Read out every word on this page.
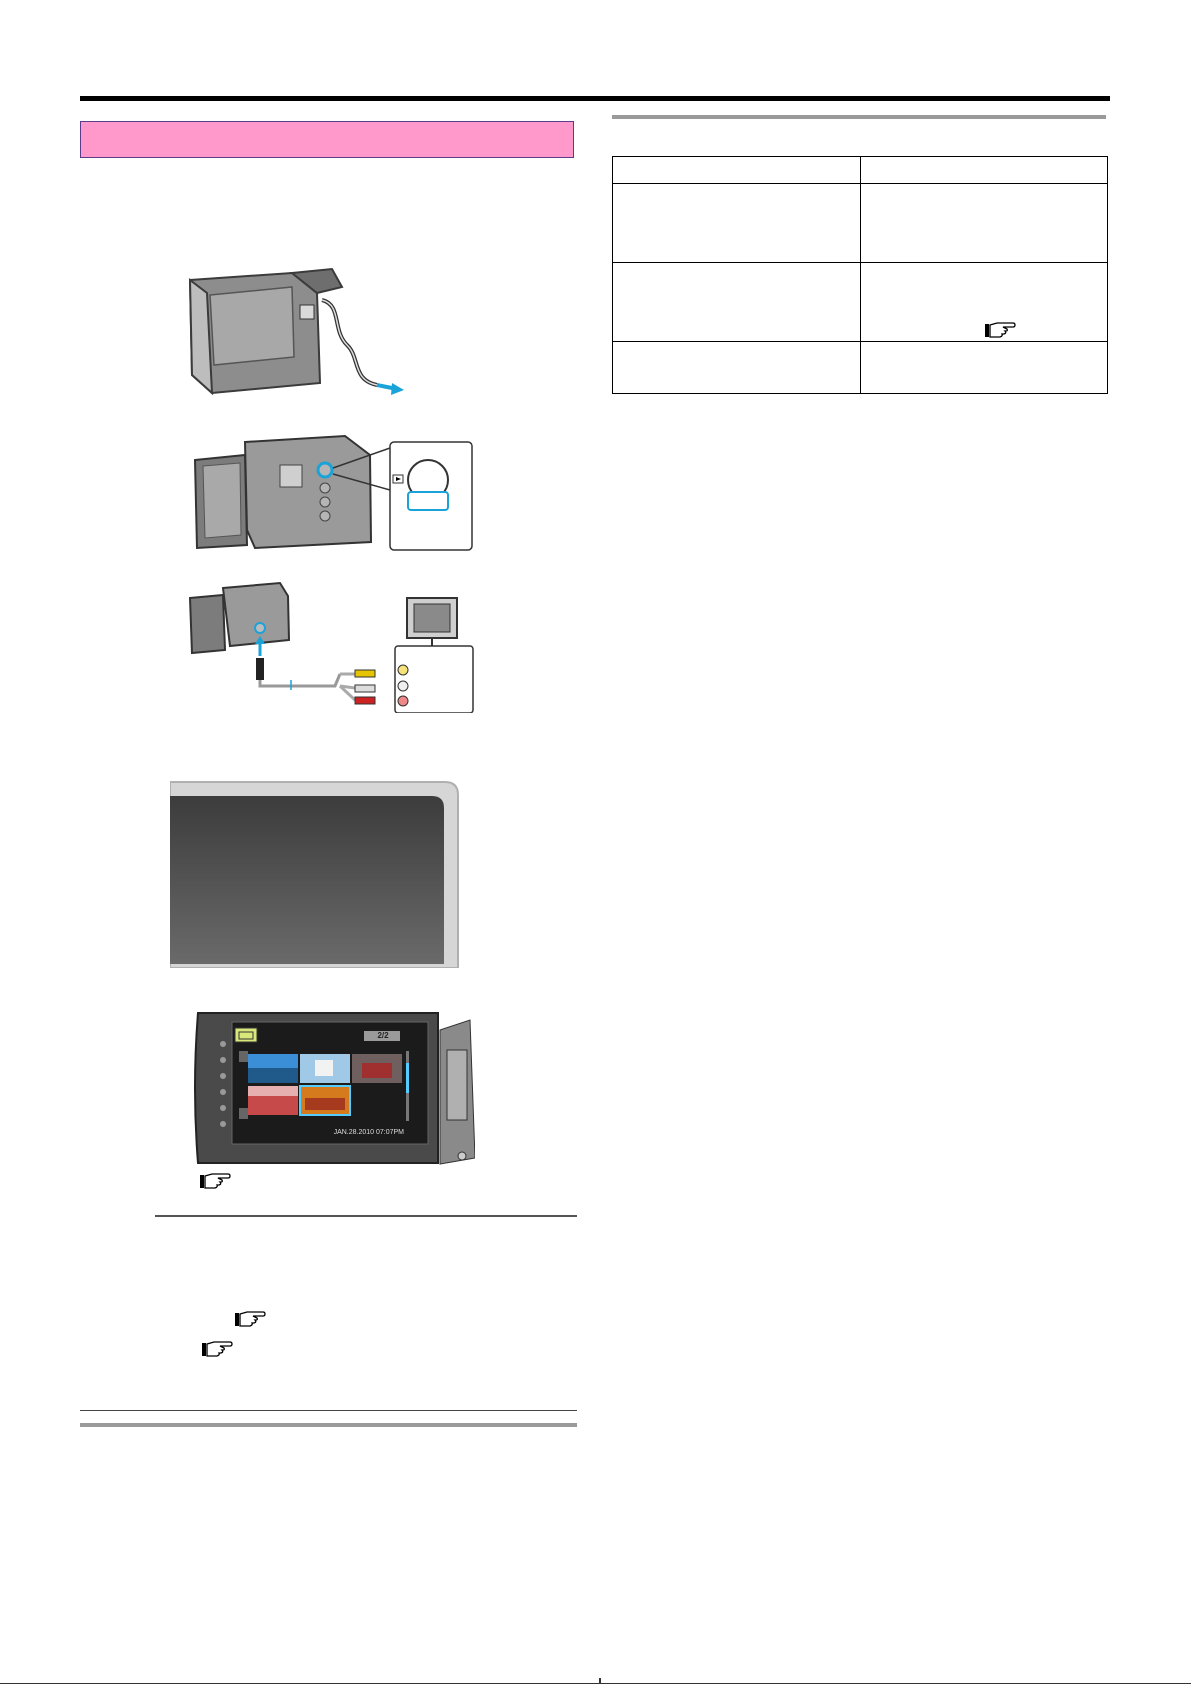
2/2
JAN.28.2010 07:07PM
